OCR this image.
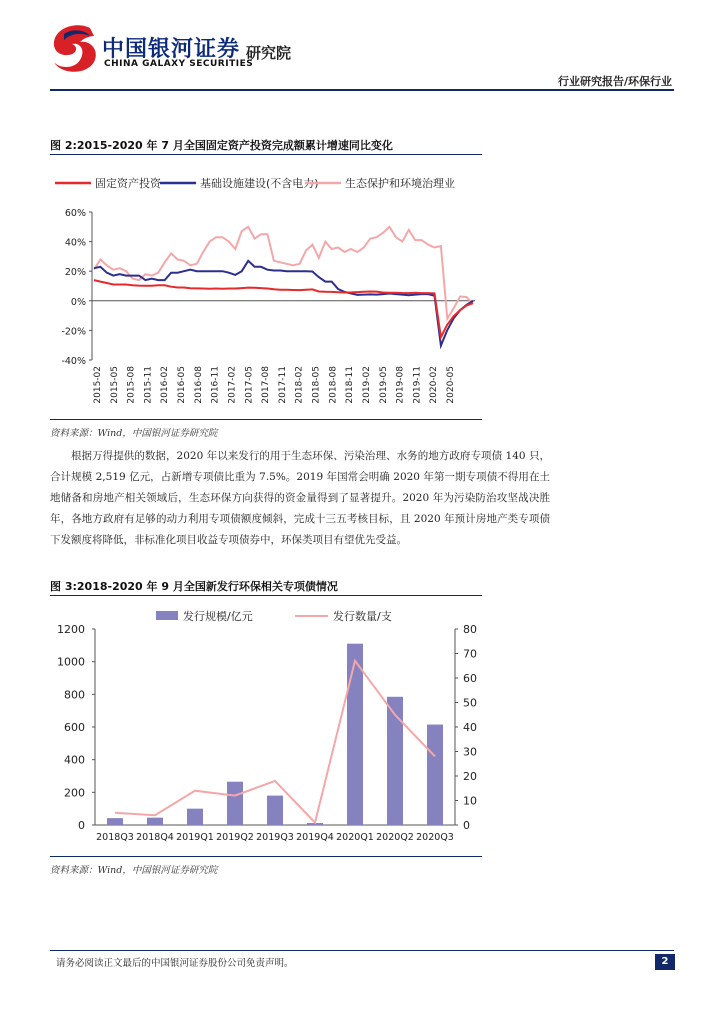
中国银河证券 研究院
CHINA GALAXY SECURITIES
行业研究报告/环保行业
图 2:2015-2020 年 7 月全国固定资产投资完成额累计增速同比变化
固定资产投资	基础设施建设(不含电力) 生态保护和环境治理业
60%
40%
20%
0%
-20%
-40%
2015-02 2015-05 2015-08 2015-11 2016-02 2016-05 2016-08 2016-11 2017-02 2017-05 2017-08 2017-11 2018-02 2018-05 2018-08 2018-11 2019-02 2019-05 2019-08 2019-11 2020-02 2020-05
资料来源：Wind，中国银河证券研究院

根据万得提供的数据，2020 年以来发行的用于生态环保、污染治理、水务的地方政府专项债 140 只，合计规模 2,519 亿元，占新增专项债比重为 7.5%。2019 年国常会明确 2020 年第一期专项债不得用在土地储备和房地产相关领域后，生态环保方向获得的资金量得到了显著提升。2020 年为污染防治攻坚战决胜年，各地方政府有足够的动力利用专项债额度倾斜，完成十三五考核目标，且 2020 年预计房地产类专项债下发额度将降低，非标准化项目收益专项债券中，环保类项目有望优先受益。

图 3:2018-2020 年 9 月全国新发行环保相关专项债情况
发行规模/亿元	发行数量/支
0
200
400
600
800
1000
1200
0
10
20
30
40
50
60
70
80
2018Q3 2018Q4 2019Q1 2019Q2 2019Q3 2019Q4 2020Q1 2020Q2 2020Q3
资料来源：Wind，中国银河证券研究院
请务必阅读正文最后的中国银河证券股份公司免责声明。	2
